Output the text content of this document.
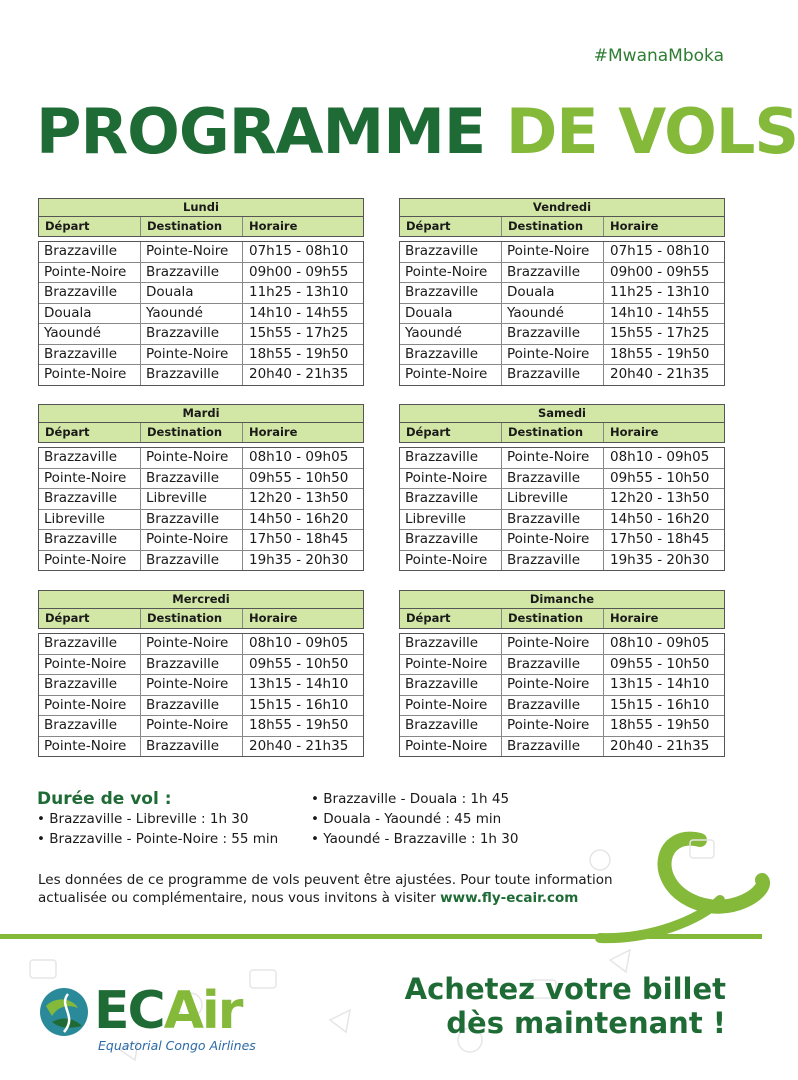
#MwanaMboka
PROGRAMME DE VOLS
Lundi
Départ	Destination	Horaire
Brazzaville	Pointe-Noire	07h15 - 08h10
Pointe-Noire	Brazzaville	09h00 - 09h55
Brazzaville	Douala	11h25 - 13h10
Douala	Yaoundé	14h10 - 14h55
Yaoundé	Brazzaville	15h55 - 17h25
Brazzaville	Pointe-Noire	18h55 - 19h50
Pointe-Noire	Brazzaville	20h40 - 21h35
Vendredi
Départ	Destination	Horaire
Brazzaville	Pointe-Noire	07h15 - 08h10
Pointe-Noire	Brazzaville	09h00 - 09h55
Brazzaville	Douala	11h25 - 13h10
Douala	Yaoundé	14h10 - 14h55
Yaoundé	Brazzaville	15h55 - 17h25
Brazzaville	Pointe-Noire	18h55 - 19h50
Pointe-Noire	Brazzaville	20h40 - 21h35
Mardi
Départ	Destination	Horaire
Brazzaville	Pointe-Noire	08h10 - 09h05
Pointe-Noire	Brazzaville	09h55 - 10h50
Brazzaville	Libreville	12h20 - 13h50
Libreville	Brazzaville	14h50 - 16h20
Brazzaville	Pointe-Noire	17h50 - 18h45
Pointe-Noire	Brazzaville	19h35 - 20h30
Samedi
Départ	Destination	Horaire
Brazzaville	Pointe-Noire	08h10 - 09h05
Pointe-Noire	Brazzaville	09h55 - 10h50
Brazzaville	Libreville	12h20 - 13h50
Libreville	Brazzaville	14h50 - 16h20
Brazzaville	Pointe-Noire	17h50 - 18h45
Pointe-Noire	Brazzaville	19h35 - 20h30
Mercredi
Départ	Destination	Horaire
Brazzaville	Pointe-Noire	08h10 - 09h05
Pointe-Noire	Brazzaville	09h55 - 10h50
Brazzaville	Pointe-Noire	13h15 - 14h10
Pointe-Noire	Brazzaville	15h15 - 16h10
Brazzaville	Pointe-Noire	18h55 - 19h50
Pointe-Noire	Brazzaville	20h40 - 21h35
Dimanche
Départ	Destination	Horaire
Brazzaville	Pointe-Noire	08h10 - 09h05
Pointe-Noire	Brazzaville	09h55 - 10h50
Brazzaville	Pointe-Noire	13h15 - 14h10
Pointe-Noire	Brazzaville	15h15 - 16h10
Brazzaville	Pointe-Noire	18h55 - 19h50
Pointe-Noire	Brazzaville	20h40 - 21h35
Durée de vol :
• Brazzaville - Libreville : 1h 30
• Brazzaville - Pointe-Noire : 55 min
• Brazzaville - Douala : 1h 45
• Douala - Yaoundé : 45 min
• Yaoundé - Brazzaville : 1h 30
Les données de ce programme de vols peuvent être ajustées. Pour toute information actualisée ou complémentaire, nous vous invitons à visiter www.fly-ecair.com
ECAir
Equatorial Congo Airlines
Achetez votre billet
dès maintenant !
